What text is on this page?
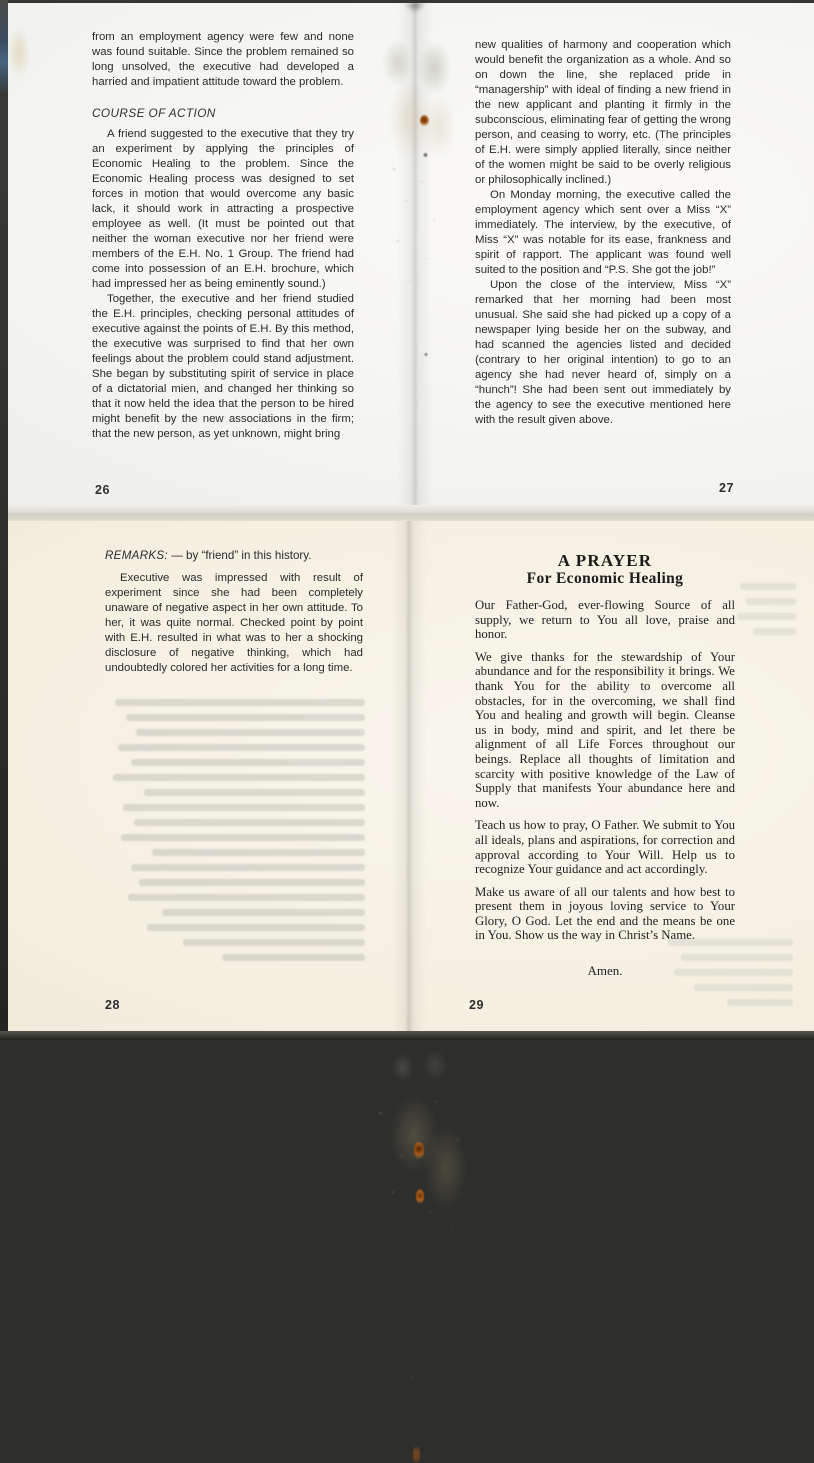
from an employment agency were few and none was found suitable. Since the problem remained so long unsolved, the executive had developed a harried and impatient attitude toward the problem.

COURSE OF ACTION

A friend suggested to the executive that they try an experiment by applying the principles of Economic Healing to the problem. Since the Economic Healing process was designed to set forces in motion that would overcome any basic lack, it should work in attracting a prospective employee as well. (It must be pointed out that neither the woman executive nor her friend were members of the E.H. No. 1 Group. The friend had come into possession of an E.H. brochure, which had impressed her as being eminently sound.)

Together, the executive and her friend studied the E.H. principles, checking personal attitudes of executive against the points of E.H. By this method, the executive was surprised to find that her own feelings about the problem could stand adjustment. She began by substituting spirit of service in place of a dictatorial mien, and changed her thinking so that it now held the idea that the person to be hired might benefit by the new associations in the firm; that the new person, as yet unknown, might bring

26

new qualities of harmony and cooperation which would benefit the organization as a whole. And so on down the line, she replaced pride in “managership” with ideal of finding a new friend in the new applicant and planting it firmly in the subconscious, eliminating fear of getting the wrong person, and ceasing to worry, etc. (The principles of E.H. were simply applied literally, since neither of the women might be said to be overly religious or philosophically inclined.)

On Monday morning, the executive called the employment agency which sent over a Miss “X” immediately. The interview, by the executive, of Miss “X” was notable for its ease, frankness and spirit of rapport. The applicant was found well suited to the position and “P.S. She got the job!”

Upon the close of the interview, Miss “X” remarked that her morning had been most unusual. She said she had picked up a copy of a newspaper lying beside her on the subway, and had scanned the agencies listed and decided (contrary to her original intention) to go to an agency she had never heard of, simply on a “hunch”! She had been sent out immediately by the agency to see the executive mentioned here with the result given above.

27
REMARKS: — by “friend” in this history.

Executive was impressed with result of experiment since she had been completely unaware of negative aspect in her own attitude. To her, it was quite normal. Checked point by point with E.H. resulted in what was to her a shocking disclosure of negative thinking, which had undoubtedly colored her activities for a long time.

28
A PRAYER
For Economic Healing

Our Father-God, ever-flowing Source of all supply, we return to You all love, praise and honor.

We give thanks for the stewardship of Your abundance and for the responsibility it brings. We thank You for the ability to overcome all obstacles, for in the overcoming, we shall find You and healing and growth will begin. Cleanse us in body, mind and spirit, and let there be alignment of all Life Forces throughout our beings. Replace all thoughts of limitation and scarcity with positive knowledge of the Law of Supply that manifests Your abundance here and now.

Teach us how to pray, O Father. We submit to You all ideals, plans and aspirations, for correction and approval according to Your Will. Help us to recognize Your guidance and act accordingly.

Make us aware of all our talents and how best to present them in joyous loving service to Your Glory, O God. Let the end and the means be one in You. Show us the way in Christ’s Name.

Amen.
29
